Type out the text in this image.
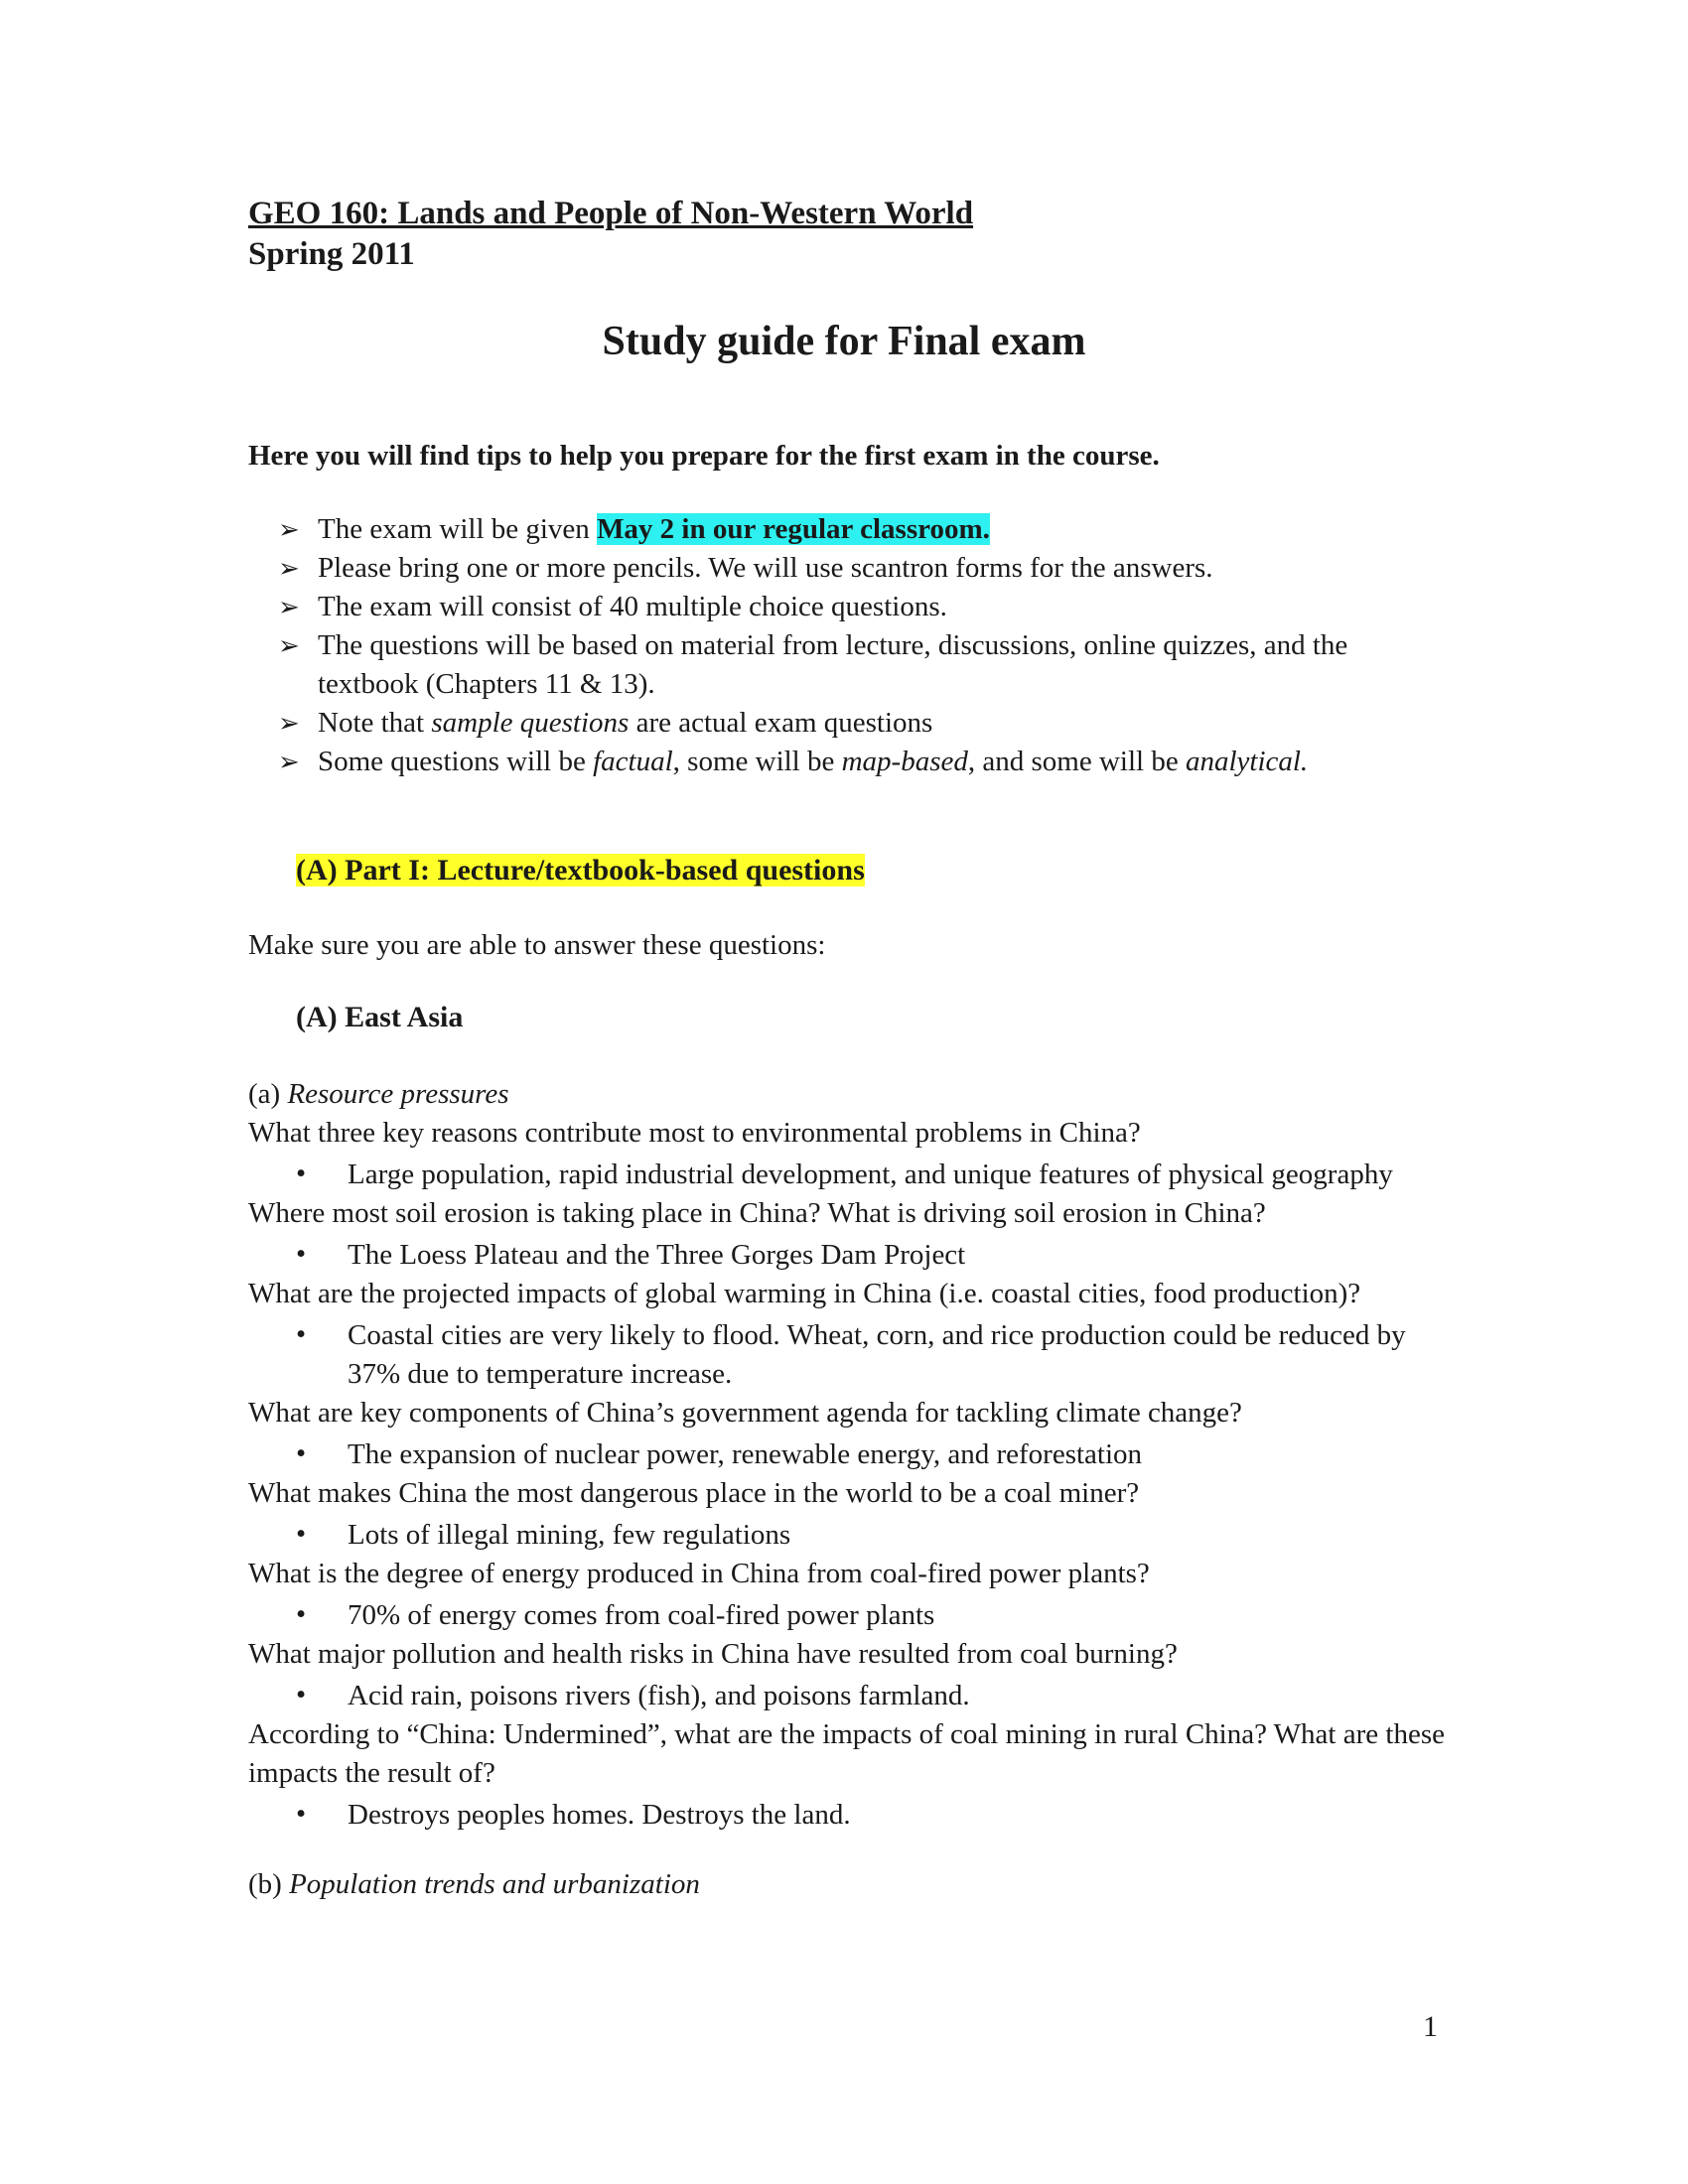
GEO 160: Lands and People of Non-Western World
Spring 2011
Study guide for Final exam
Here you will find tips to help you prepare for the first exam in the course.
➢ The exam will be given May 2 in our regular classroom.
➢ Please bring one or more pencils. We will use scantron forms for the answers.
➢ The exam will consist of 40 multiple choice questions.
➢ The questions will be based on material from lecture, discussions, online quizzes, and the textbook (Chapters 11 & 13).
➢ Note that sample questions are actual exam questions
➢ Some questions will be factual, some will be map-based, and some will be analytical.
(A) Part I: Lecture/textbook-based questions
Make sure you are able to answer these questions:
(A) East Asia
(a) Resource pressures
What three key reasons contribute most to environmental problems in China?
• Large population, rapid industrial development, and unique features of physical geography
Where most soil erosion is taking place in China? What is driving soil erosion in China?
• The Loess Plateau and the Three Gorges Dam Project
What are the projected impacts of global warming in China (i.e. coastal cities, food production)?
• Coastal cities are very likely to flood. Wheat, corn, and rice production could be reduced by 37% due to temperature increase.
What are key components of China’s government agenda for tackling climate change?
• The expansion of nuclear power, renewable energy, and reforestation
What makes China the most dangerous place in the world to be a coal miner?
• Lots of illegal mining, few regulations
What is the degree of energy produced in China from coal-fired power plants?
• 70% of energy comes from coal-fired power plants
What major pollution and health risks in China have resulted from coal burning?
• Acid rain, poisons rivers (fish), and poisons farmland.
According to “China: Undermined”, what are the impacts of coal mining in rural China? What are these impacts the result of?
• Destroys peoples homes. Destroys the land.
(b) Population trends and urbanization
1
